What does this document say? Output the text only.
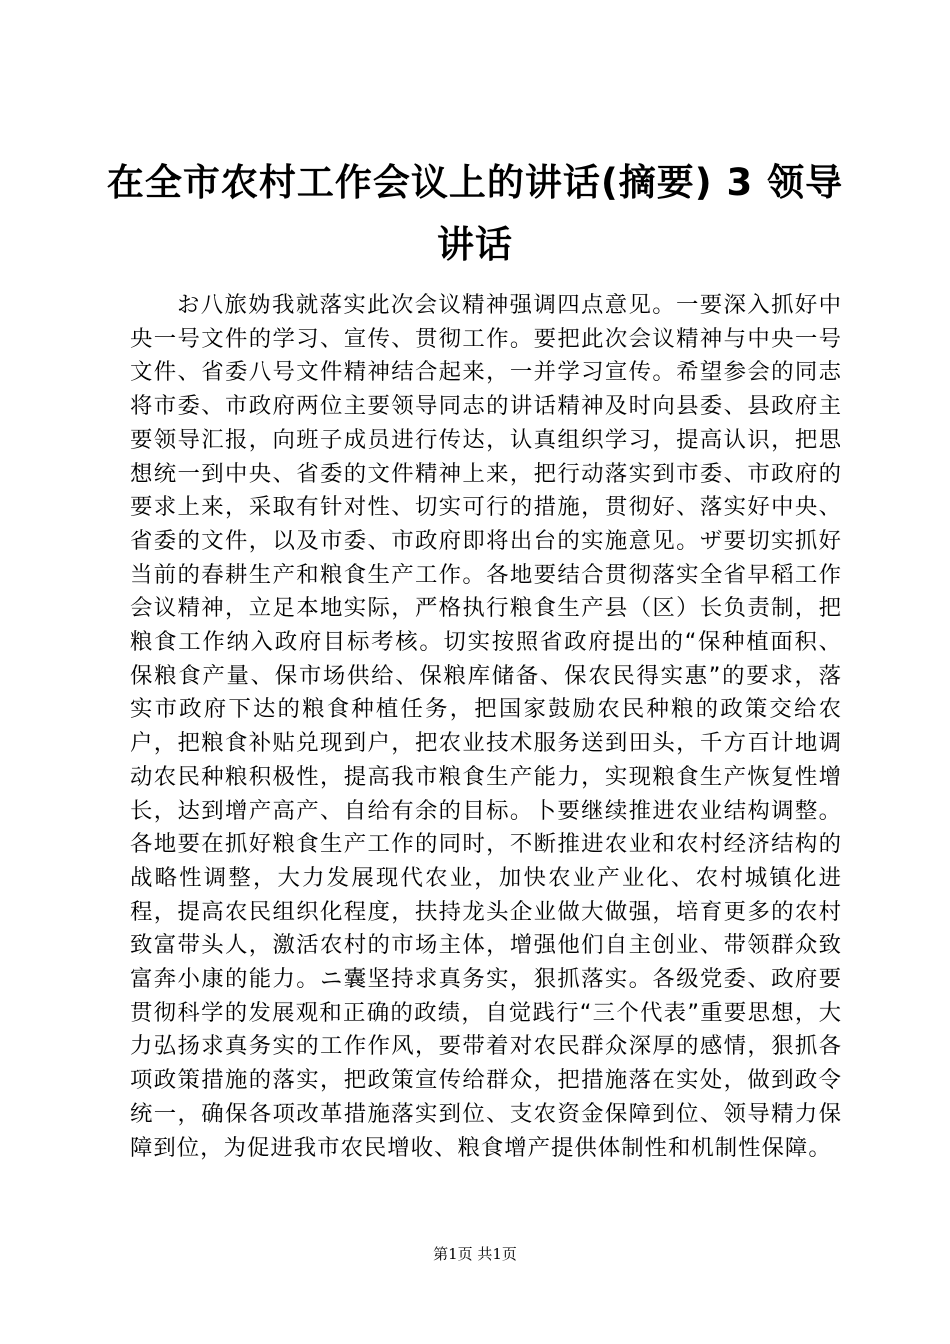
在全市农村工作会议上的讲话(摘要) 3 领导讲话

お八旅妫我就落实此次会议精神强调四点意见。一要深入抓好中央一号文件的学习、宣传、贯彻工作。要把此次会议精神与中央一号文件、省委八号文件精神结合起来，一并学习宣传。希望参会的同志将市委、市政府两位主要领导同志的讲话精神及时向县委、县政府主要领导汇报，向班子成员进行传达，认真组织学习，提高认识，把思想统一到中央、省委的文件精神上来，把行动落实到市委、市政府的要求上来，采取有针对性、切实可行的措施，贯彻好、落实好中央、省委的文件，以及市委、市政府即将出台的实施意见。ザ要切实抓好当前的春耕生产和粮食生产工作。各地要结合贯彻落实全省早稻工作会议精神，立足本地实际，严格执行粮食生产县（区）长负责制，把粮食工作纳入政府目标考核。切实按照省政府提出的“保种植面积、保粮食产量、保市场供给、保粮库储备、保农民得实惠”的要求，落实市政府下达的粮食种植任务，把国家鼓励农民种粮的政策交给农户，把粮食补贴兑现到户，把农业技术服务送到田头，千方百计地调动农民种粮积极性，提高我市粮食生产能力，实现粮食生产恢复性增长，达到增产高产、自给有余的目标。卜要继续推进农业结构调整。各地要在抓好粮食生产工作的同时，不断推进农业和农村经济结构的战略性调整，大力发展现代农业，加快农业产业化、农村城镇化进程，提高农民组织化程度，扶持龙头企业做大做强，培育更多的农村致富带头人，激活农村的市场主体，增强他们自主创业、带领群众致富奔小康的能力。ニ囊坚持求真务实，狠抓落实。各级党委、政府要贯彻科学的发展观和正确的政绩，自觉践行“三个代表”重要思想，大力弘扬求真务实的工作作风，要带着对农民群众深厚的感情，狠抓各项政策措施的落实，把政策宣传给群众，把措施落在实处，做到政令统一，确保各项改革措施落实到位、支农资金保障到位、领导精力保障到位，为促进我市农民增收、粮食增产提供体制性和机制性保障。

第1页 共1页
